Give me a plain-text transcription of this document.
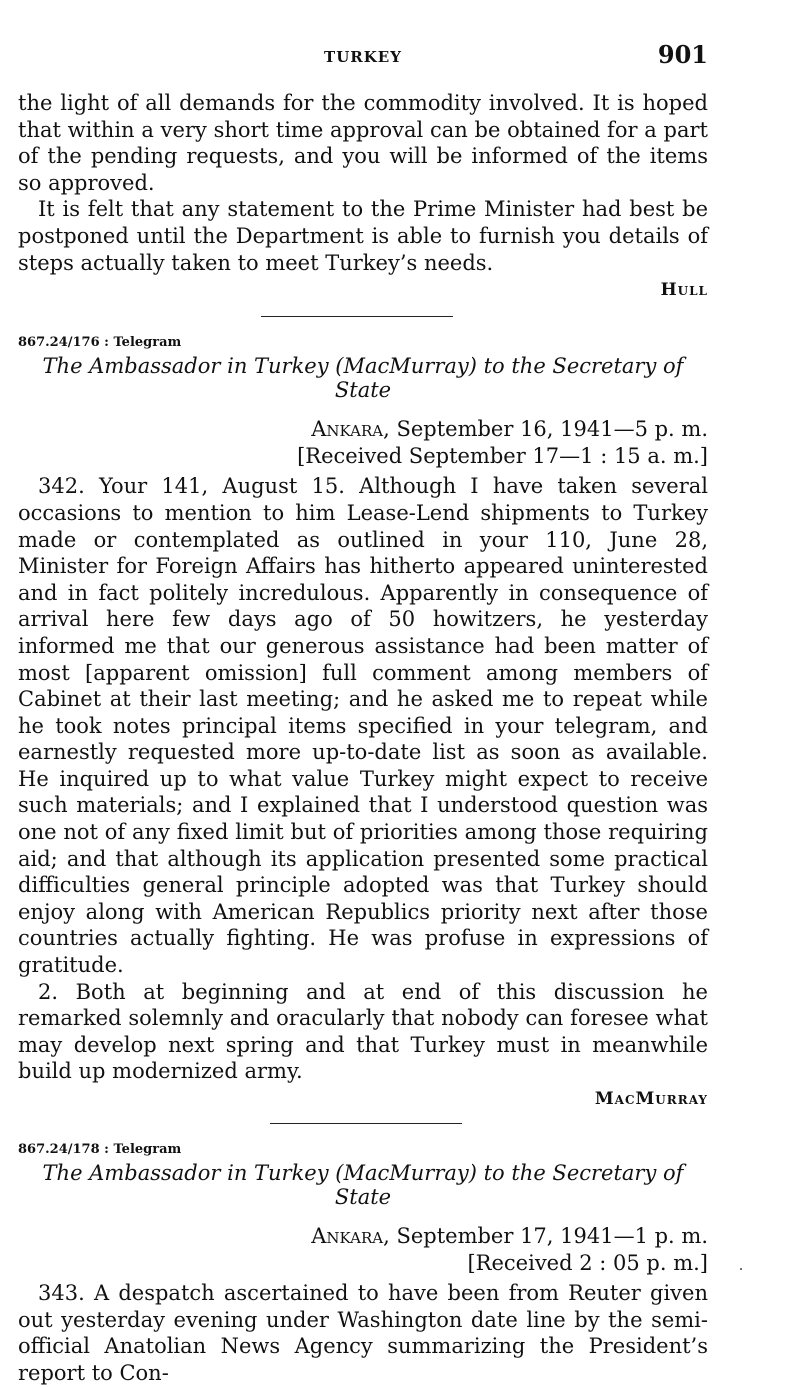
TURKEY	901

the light of all demands for the commodity involved. It is hoped that within a very short time approval can be obtained for a part of the pending requests, and you will be informed of the items so approved.

It is felt that any statement to the Prime Minister had best be postponed until the Department is able to furnish you details of steps actually taken to meet Turkey’s needs.

Hull
867.24/176 : Telegram
The Ambassador in Turkey (MacMurray) to the Secretary of State
Ankara, September 16, 1941—5 p. m.
[Received September 17—1 : 15 a. m.]

342. Your 141, August 15. Although I have taken several occasions to mention to him Lease-Lend shipments to Turkey made or contemplated as outlined in your 110, June 28, Minister for Foreign Affairs has hitherto appeared uninterested and in fact politely incredulous. Apparently in consequence of arrival here few days ago of 50 howitzers, he yesterday informed me that our generous assistance had been matter of most [apparent omission] full comment among members of Cabinet at their last meeting; and he asked me to repeat while he took notes principal items specified in your telegram, and earnestly requested more up-to-date list as soon as available. He inquired up to what value Turkey might expect to receive such materials; and I explained that I understood question was one not of any fixed limit but of priorities among those requiring aid; and that although its application presented some practical difficulties general principle adopted was that Turkey should enjoy along with American Republics priority next after those countries actually fighting. He was profuse in expressions of gratitude.

2. Both at beginning and at end of this discussion he remarked solemnly and oracularly that nobody can foresee what may develop next spring and that Turkey must in meanwhile build up modernized army.

MacMurray
867.24/178 : Telegram
The Ambassador in Turkey (MacMurray) to the Secretary of State
Ankara, September 17, 1941—1 p. m.
[Received 2 : 05 p. m.]

343. A despatch ascertained to have been from Reuter given out yesterday evening under Washington date line by the semi-official Anatolian News Agency summarizing the President’s report to Con-
